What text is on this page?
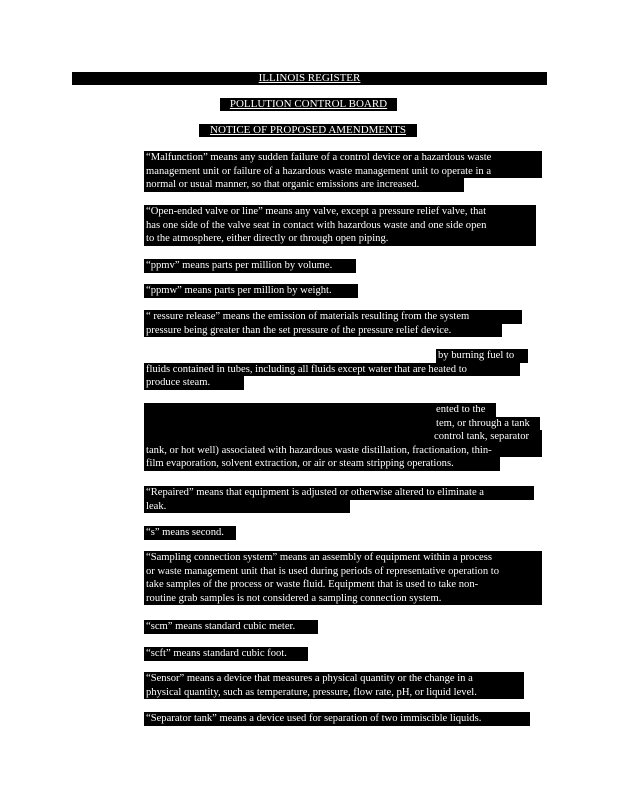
ILLINOIS REGISTER
POLLUTION CONTROL BOARD
NOTICE OF PROPOSED AMENDMENTS
“Malfunction” means any sudden failure of a control device or a hazardous waste
management unit or failure of a hazardous waste management unit to operate in a
normal or usual manner, so that organic emissions are increased.
“Open-ended valve or line” means any valve, except a pressure relief valve, that
has one side of the valve seat in contact with hazardous waste and one side open
to the atmosphere, either directly or through open piping.
“ppmv” means parts per million by volume.
“ppmw” means parts per million by weight.
“ ressure release” means the emission of materials resulting from the system
pressure being greater than the set pressure of the pressure relief device.
by burning fuel to
fluids contained in tubes, including all fluids except water that are heated to
produce steam.
ented to the
tem, or through a tank
control tank, separator
tank, or hot well) associated with hazardous waste distillation, fractionation, thin-
film evaporation, solvent extraction, or air or steam stripping operations.
“Repaired” means that equipment is adjusted or otherwise altered to eliminate a
leak.
“s” means second.
“Sampling connection system” means an assembly of equipment within a process
or waste management unit that is used during periods of representative operation to
take samples of the process or waste fluid. Equipment that is used to take non-
routine grab samples is not considered a sampling connection system.
“scm” means standard cubic meter.
“scft” means standard cubic foot.
“Sensor” means a device that measures a physical quantity or the change in a
physical quantity, such as temperature, pressure, flow rate, pH, or liquid level.
“Separator tank” means a device used for separation of two immiscible liquids.
